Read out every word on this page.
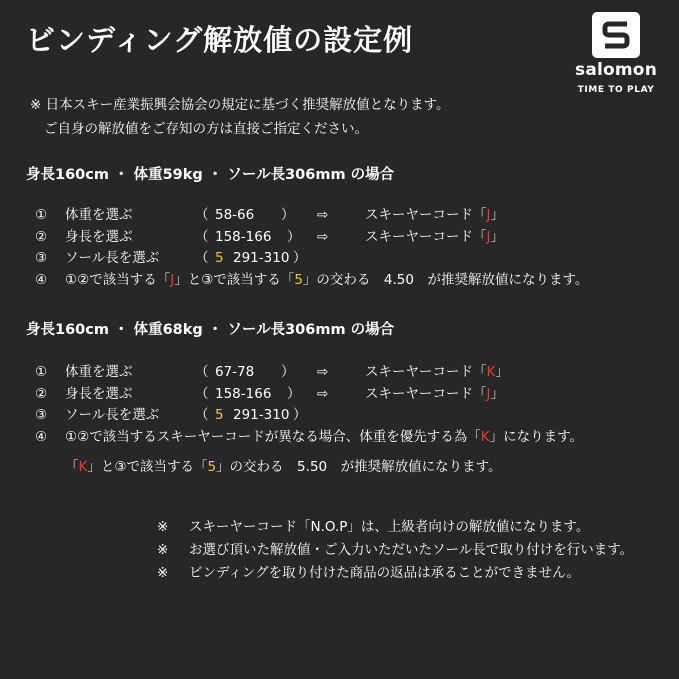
ビンディング解放値の設定例
salomon
TIME TO PLAY
※ 日本スキー産業振興会協会の規定に基づく推奨解放値となります。
ご自身の解放値をご存知の方は直接ご指定ください。
身長160cm ・ 体重59kg ・ ソール長306mm の場合
① 体重を選ぶ	（ 58-66 ） ⇨	スキーヤーコード「J」
② 身長を選ぶ	（ 158-166 ） ⇨	スキーヤーコード「J」
③ ソール長を選ぶ	（ 5 291-310 ）
④ ①②で該当する「J」と③で該当する「5」の交わる　4.50　が推奨解放値になります。
身長160cm ・ 体重68kg ・ ソール長306mm の場合
① 体重を選ぶ	（ 67-78 ） ⇨	スキーヤーコード「K」
② 身長を選ぶ	（ 158-166 ） ⇨	スキーヤーコード「J」
③ ソール長を選ぶ	（ 5 291-310 ）
④ ①②で該当するスキーヤーコードが異なる場合、体重を優先する為「K」になります。
「K」と③で該当する「5」の交わる　5.50　が推奨解放値になります。
※ スキーヤーコード「N.O.P」は、上級者向けの解放値になります。
※ お選び頂いた解放値・ご入力いただいたソール長で取り付けを行います。
※ ビンディングを取り付けた商品の返品は承ることができません。
